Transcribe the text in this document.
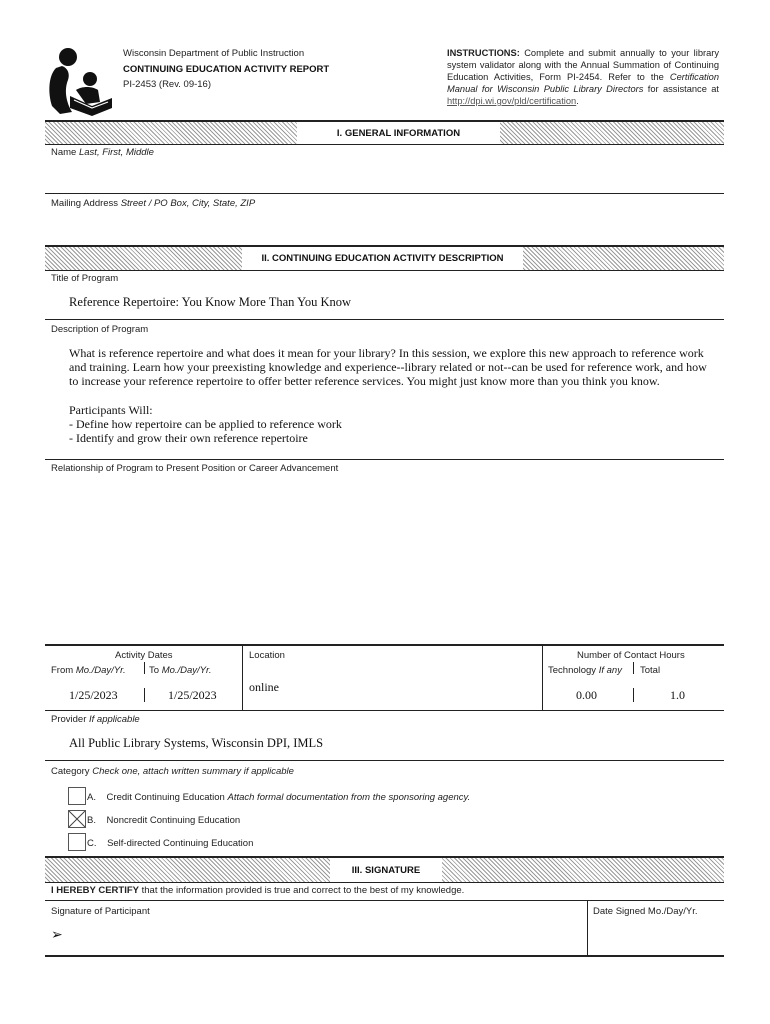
Wisconsin Department of Public Instruction
CONTINUING EDUCATION ACTIVITY REPORT
PI-2453 (Rev. 09-16)
INSTRUCTIONS: Complete and submit annually to your library system validator along with the Annual Summation of Continuing Education Activities, Form PI-2454. Refer to the Certification Manual for Wisconsin Public Library Directors for assistance at http://dpi.wi.gov/pld/certification.
I. GENERAL INFORMATION
Name Last, First, Middle
Mailing Address Street / PO Box, City, State, ZIP
II. CONTINUING EDUCATION ACTIVITY DESCRIPTION
Title of Program
Reference Repertoire: You Know More Than You Know
Description of Program
What is reference repertoire and what does it mean for your library? In this session, we explore this new approach to reference work and training. Learn how your preexisting knowledge and experience--library related or not--can be used for reference work, and how to increase your reference repertoire to offer better reference services. You might just know more than you think you know.
Participants Will:
- Define how repertoire can be applied to reference work
- Identify and grow their own reference repertoire
Relationship of Program to Present Position or Career Advancement
Activity Dates
From Mo./Day/Yr. To Mo./Day/Yr.
1/25/2023	1/25/2023
Location
online
Number of Contact Hours
Technology If any Total
0.00	1.0
Provider If applicable
All Public Library Systems, Wisconsin DPI, IMLS
Category Check one, attach written summary if applicable
A. Credit Continuing Education Attach formal documentation from the sponsoring agency.
B. Noncredit Continuing Education
C. Self-directed Continuing Education
III. SIGNATURE
I HEREBY CERTIFY that the information provided is true and correct to the best of my knowledge.
Signature of Participant
➢
Date Signed Mo./Day/Yr.
